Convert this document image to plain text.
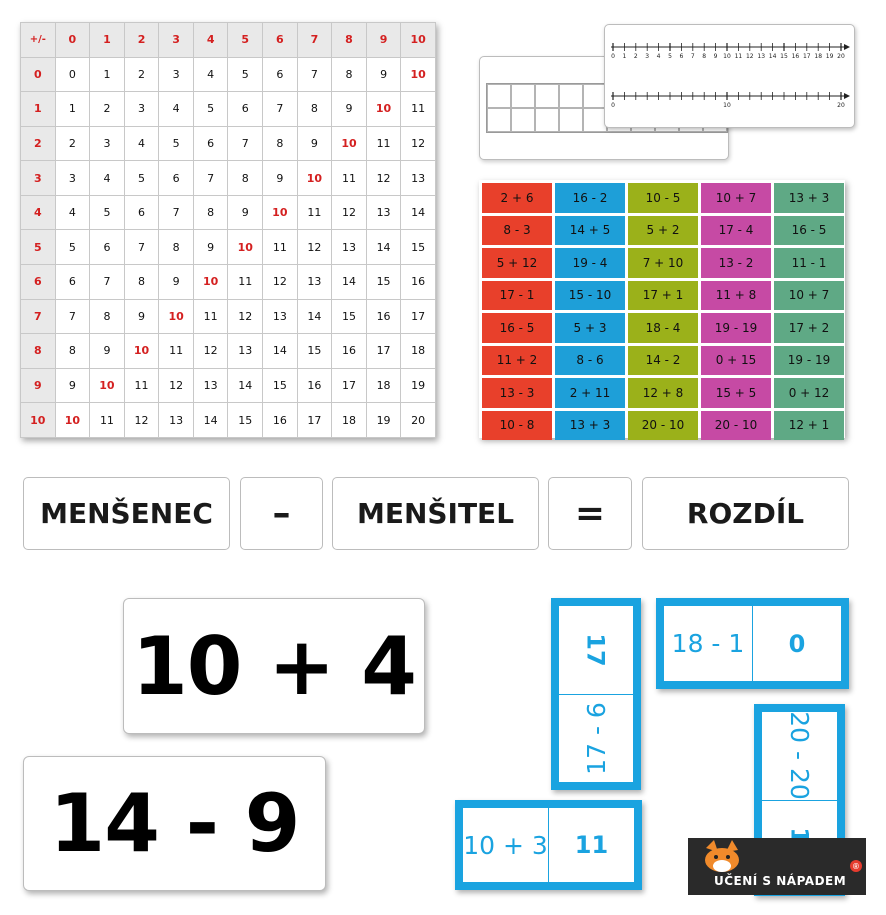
+/-	0	1	2	3	4	5	6	7	8	9	10
0	0	1	2	3	4	5	6	7	8	9	10
1	1	2	3	4	5	6	7	8	9	10	11
2	2	3	4	5	6	7	8	9	10	11	12
3	3	4	5	6	7	8	9	10	11	12	13
4	4	5	6	7	8	9	10	11	12	13	14
5	5	6	7	8	9	10	11	12	13	14	15
6	6	7	8	9	10	11	12	13	14	15	16
7	7	8	9	10	11	12	13	14	15	16	17
8	8	9	10	11	12	13	14	15	16	17	18
9	9	10	11	12	13	14	15	16	17	18	19
10	10	11	12	13	14	15	16	17	18	19	20
0 1 2 3 4 5 6 7 8 9 10 11 12 13 14 15 16 17 18 19 20
0	10	20
2 + 6	16 - 2	10 - 5	10 + 7	13 + 3
8 - 3	14 + 5	5 + 2	17 - 4	16 - 5
5 + 12	19 - 4	7 + 10	13 - 2	11 - 1
17 - 1	15 - 10	17 + 1	11 + 8	10 + 7
16 - 5	5 + 3	18 - 4	19 - 19	17 + 2
11 + 2	8 - 6	14 - 2	0 + 15	19 - 19
13 - 3	2 + 11	12 + 8	15 + 5	0 + 12
10 - 8	13 + 3	20 - 10	20 - 10	12 + 1
MENŠENEC – MENŠITEL =	ROZDÍL
10 + 4
14 - 9
17
17 - 6
18 - 1 0
20 - 20
10 + 3 11
UČENÍ S NÁPADEM
®
